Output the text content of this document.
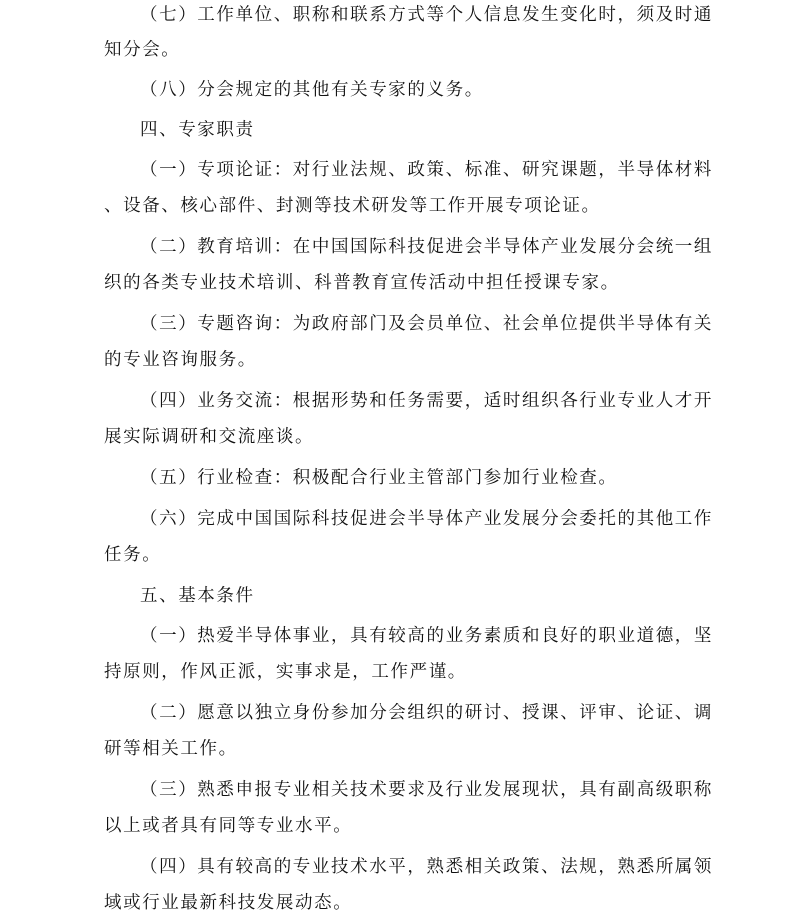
（七）工作单位、职称和联系方式等个人信息发生变化时，须及时通
知分会。
（八）分会规定的其他有关专家的义务。
四、专家职责
（一）专项论证：对行业法规、政策、标准、研究课题，半导体材料
、设备、核心部件、封测等技术研发等工作开展专项论证。
（二）教育培训：在中国国际科技促进会半导体产业发展分会统一组
织的各类专业技术培训、科普教育宣传活动中担任授课专家。
（三）专题咨询：为政府部门及会员单位、社会单位提供半导体有关
的专业咨询服务。
（四）业务交流：根据形势和任务需要，适时组织各行业专业人才开
展实际调研和交流座谈。
（五）行业检查：积极配合行业主管部门参加行业检查。
（六）完成中国国际科技促进会半导体产业发展分会委托的其他工作
任务。
五、基本条件
（一）热爱半导体事业，具有较高的业务素质和良好的职业道德，坚
持原则，作风正派，实事求是，工作严谨。
（二）愿意以独立身份参加分会组织的研讨、授课、评审、论证、调
研等相关工作。
（三）熟悉申报专业相关技术要求及行业发展现状，具有副高级职称
以上或者具有同等专业水平。
（四）具有较高的专业技术水平，熟悉相关政策、法规，熟悉所属领
域或行业最新科技发展动态。
